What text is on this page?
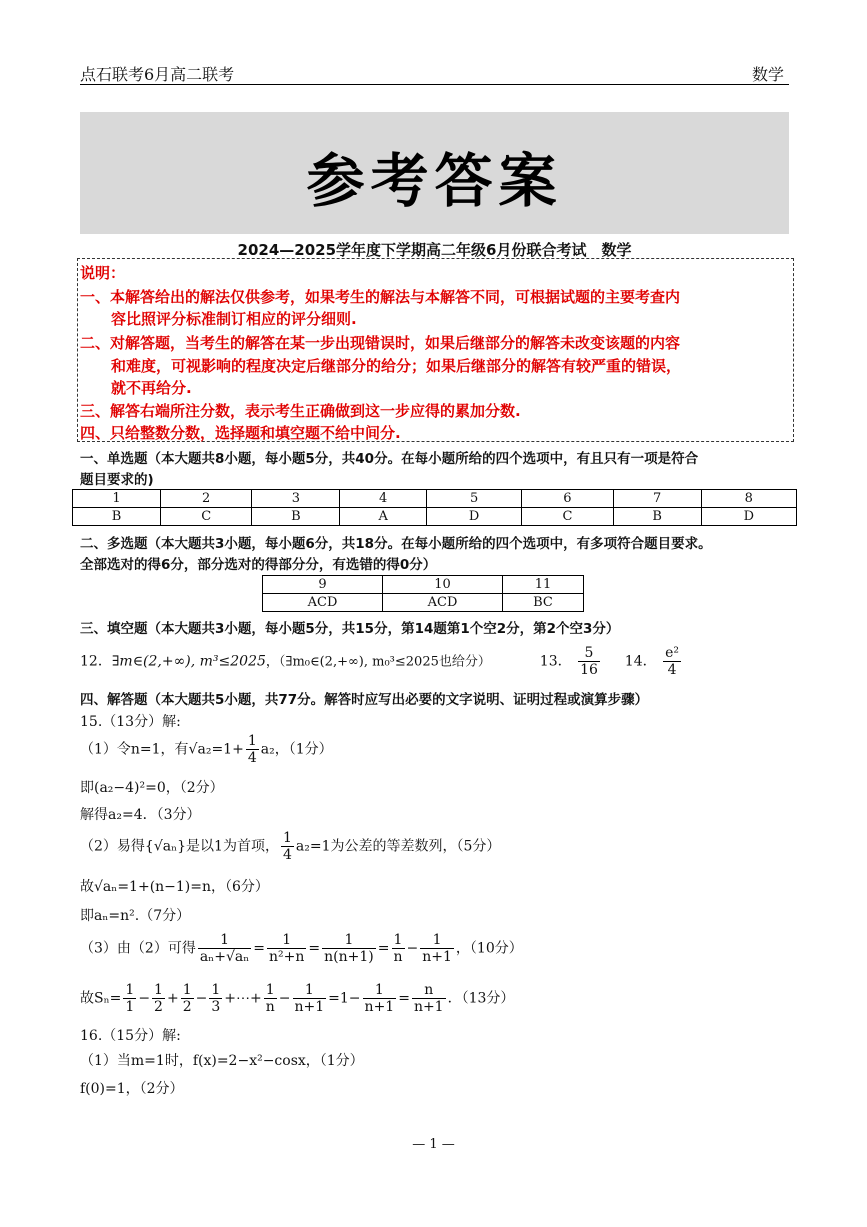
点石联考6月高二联考	数学
参考答案
2024—2025学年度下学期高二年级6月份联合考试　数学
说明：
一、本解答给出的解法仅供参考，如果考生的解法与本解答不同，可根据试题的主要考查内
容比照评分标准制订相应的评分细则.
二、对解答题，当考生的解答在某一步出现错误时，如果后继部分的解答未改变该题的内容
和难度，可视影响的程度决定后继部分的给分；如果后继部分的解答有较严重的错误，
就不再给分.
三、解答右端所注分数，表示考生正确做到这一步应得的累加分数.
四、只给整数分数，选择题和填空题不给中间分.
一、单选题（本大题共8小题，每小题5分，共40分。在每小题所给的四个选项中，有且只有一项是符合
题目要求的)
1	2	3	4	5	6	7	8
B	C	B	A	D	C	B	D
二、多选题（本大题共3小题，每小题6分，共18分。在每小题所给的四个选项中，有多项符合题目要求。
全部选对的得6分，部分选对的得部分分，有选错的得0分）
9	10	11
ACD	ACD	BC
三、填空题（本大题共3小题，每小题5分，共15分，第14题第1个空2分，第2个空3分）
12．∃m∈(2,+∞), m³≤2025，（∃m₀∈(2,+∞), m₀³≤2025也给分）	13． $\frac{5}{16} 14$． $\frac{\text{e²}}{4}$
四、解答题（本大题共5小题，共77分。解答时应写出必要的文字说明、证明过程或演算步骤）
15.（13分）解:
（1）令n=1，有$√a_2=1+ \frac{1}{4} a_2$，（1分）
即(a₂−4)²=0，（2分）
解得a₂=4．（3分）
（2）易得{√aₙ}是以1为首项， $\frac{1}{4} a_2=1$为公差的等差数列，（5分）
故√aₙ=1+(n−1)=n，（6分）
即aₙ=n².（7分）
（3）由（2）可得 $\frac{1}{\text{aₙ+√aₙ}} = \frac{1}{\text{n²+n}} = \frac{1}{n(n+1)} = \frac{1}{n} - \frac{1}{n+1}$ ，（10分）
故$S_n= \frac{1}{1} - \frac{1}{2} + \frac{1}{2} - \frac{1}{3}$ +⋯+ $\frac{1}{n} - \frac{1}{n+1} =1- \frac{1}{n+1} = \frac{n}{n+1}$ ．（13分）
16.（15分）解:
（1）当m=1时，f(x)=2−x²−cosx，（1分）
f(0)=1，（2分）
— 1 —
